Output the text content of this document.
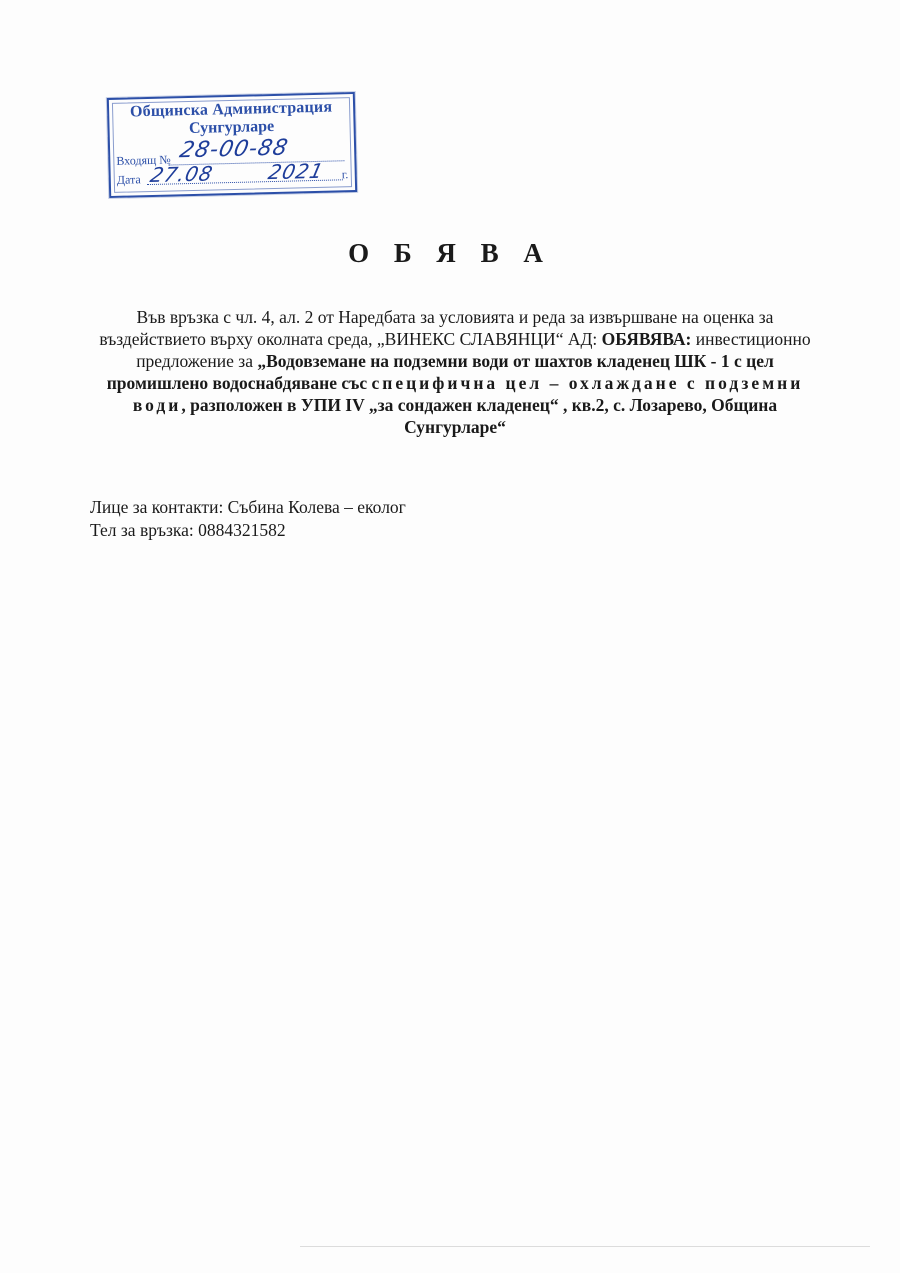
Общинска Администрация
Сунгурларе
Входящ №
Дата	г.
28-00-88
27.08	2021
О Б Я В А
Във връзка с чл. 4, ал. 2 от Наредбата за условията и реда за извършване на оценка за въздействието върху околната среда, „ВИНЕКС СЛАВЯНЦИ“ АД: ОБЯВЯВА: инвестиционно предложение за „Водовземане на подземни води от шахтов кладенец ШК - 1 с цел промишлено водоснабдяване със специфична цел – охлаждане с подземни води, разположен в УПИ IV „за сондажен кладенец“ , кв.2, с. Лозарево, Община Сунгурларе“
Лице за контакти: Събина Колева – еколог
Тел за връзка: 0884321582
